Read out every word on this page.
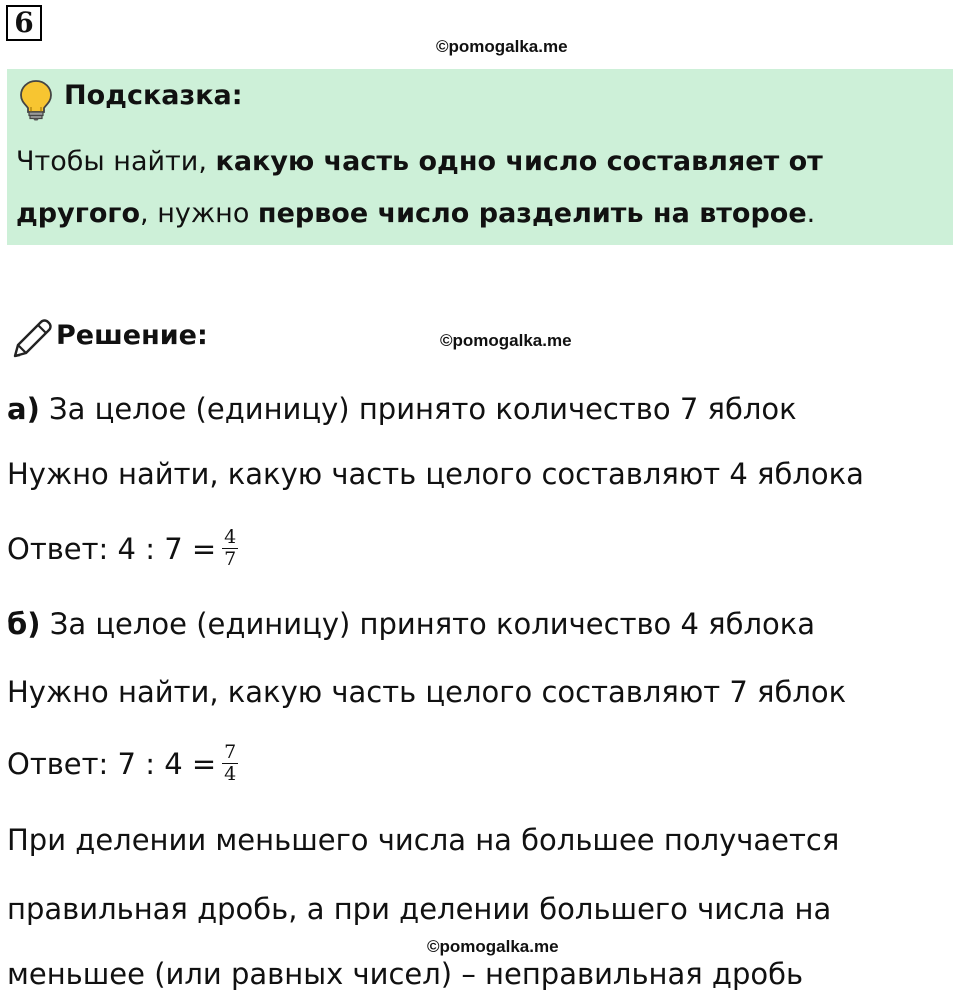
6
©pomogalka.me
Подсказка:
Чтобы найти, какую часть одно число составляет от
другого, нужно первое число разделить на второе.
Решение:	©pomogalka.me
а) За целое (единицу) принято количество 7 яблок
Нужно найти, какую часть целого составляют 4 яблока
Ответ: 4 : $7 = \frac{4}{7}$
б) За целое (единицу) принято количество 4 яблока
Нужно найти, какую часть целого составляют 7 яблок
Ответ: 7 : $4 = \frac{7}{4}$
При делении меньшего числа на большее получается
правильная дробь, а при делении большего числа на
©pomogalka.me
меньшее (или равных чисел) – неправильная дробь
